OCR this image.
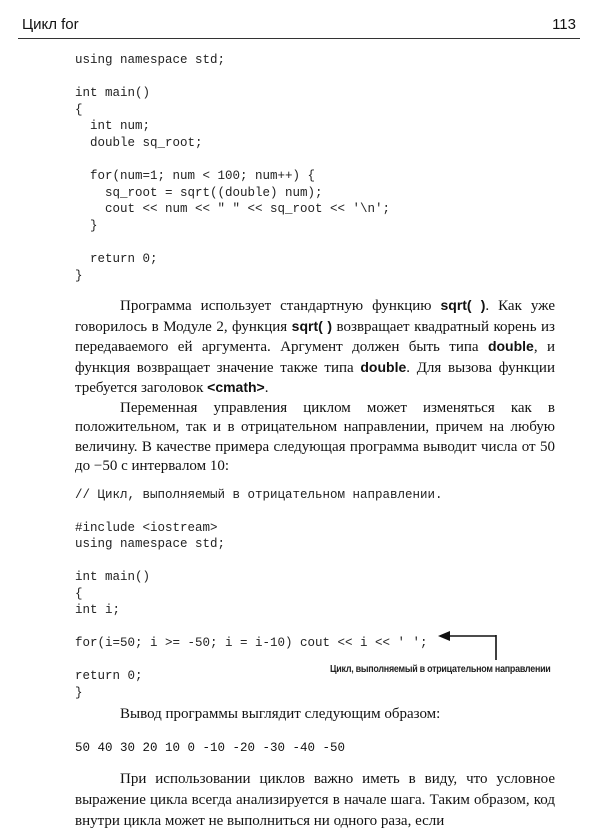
Цикл for	113
using namespace std;
int main()
{
int num;
double sq_root;
for(num=1; num < 100; num++) {
sq_root = sqrt((double) num);
cout << num << " " << sq_root << '\n';
}
return 0;
}
Программа использует стандартную функцию sqrt( ). Как уже говорилось в Модуле 2, функция sqrt( ) возвращает квадратный корень из передаваемого ей аргумента. Аргумент должен быть типа double, и функция возвращает значение также типа double. Для вызова функции требуется заголовок <cmath>.
Переменная управления циклом может изменяться как в положительном, так и в отрицательном направлении, причем на любую величину. В качестве примера следующая программа выводит числа от 50 до −50 с интервалом 10:
// Цикл, выполняемый в отрицательном направлении.
#include <iostream>
using namespace std;
int main()
{
int i;
for(i=50; i >= -50; i = i-10) cout << i << ' ';
return 0;
}
Цикл, выполняемый в отрицательном направлении
Вывод программы выглядит следующим образом:
50 40 30 20 10 0 -10 -20 -30 -40 -50
При использовании циклов важно иметь в виду, что условное выражение цикла всегда анализируется в начале шага. Таким образом, код внутри цикла может не выполниться ни одного раза, если
